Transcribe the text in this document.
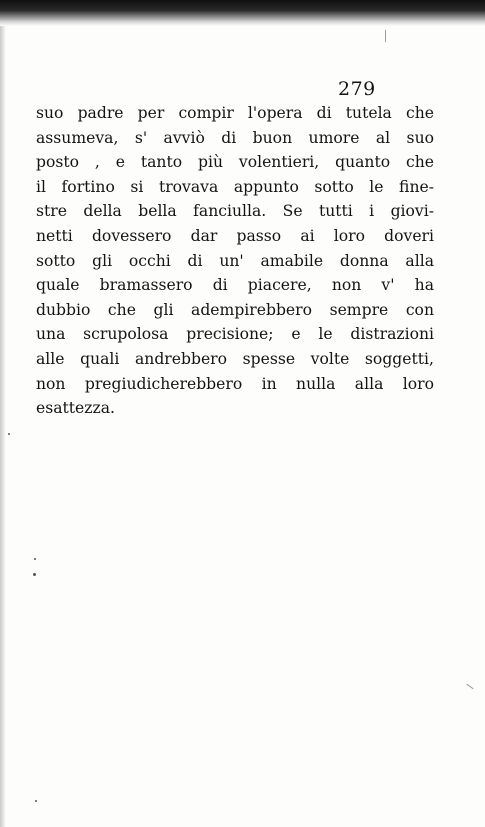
279
suo padre per compir l'opera di tutela che
assumeva, s' avviò di buon umore al suo
posto , e tanto più volentieri, quanto che
il fortino si trovava appunto sotto le fine-
stre della bella fanciulla. Se tutti i giovi-
netti dovessero dar passo ai loro doveri
sotto gli occhi di un' amabile donna alla
quale bramassero di piacere, non v' ha
dubbio che gli adempirebbero sempre con
una scrupolosa precisione; e le distrazioni
alle quali andrebbero spesse volte soggetti,
non pregiudicherebbero in nulla alla loro
esattezza.
